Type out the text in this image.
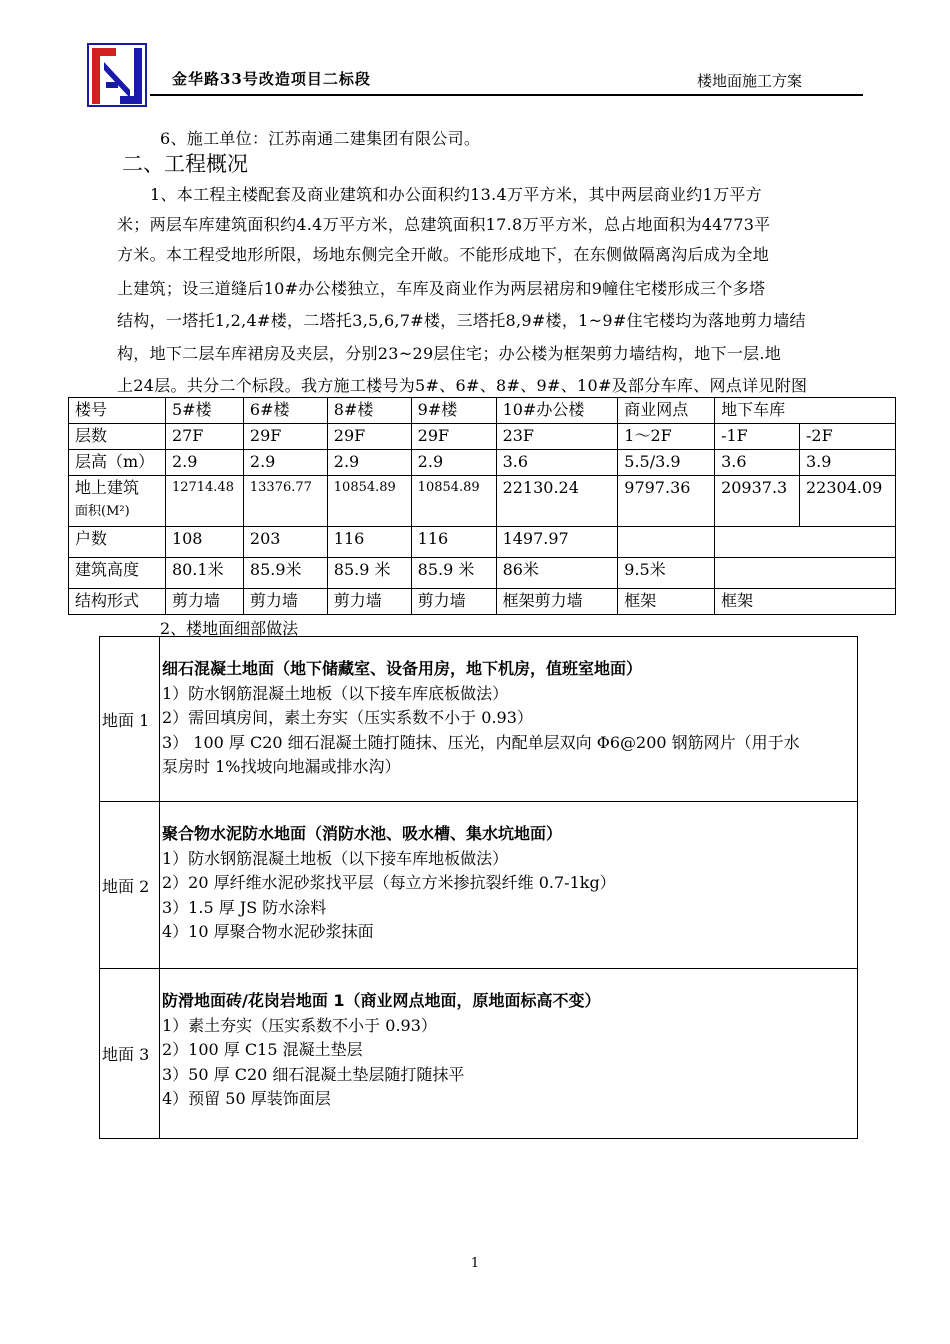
金华路33号改造项目二标段	楼地面施工方案
6、施工单位：江苏南通二建集团有限公司。
二、工程概况
1、本工程主楼配套及商业建筑和办公面积约13.4万平方米，其中两层商业约1万平方
米；两层车库建筑面积约4.4万平方米，总建筑面积17.8万平方米，总占地面积为44773平
方米。本工程受地形所限，场地东侧完全开敞。不能形成地下，在东侧做隔离沟后成为全地
上建筑；设三道缝后10#办公楼独立，车库及商业作为两层裙房和9幢住宅楼形成三个多塔
结构，一塔托1,2,4#楼，二塔托3,5,6,7#楼，三塔托8,9#楼，1~9#住宅楼均为落地剪力墙结
构，地下二层车库裙房及夹层，分别23~29层住宅；办公楼为框架剪力墙结构，地下一层.地
上24层。共分二个标段。我方施工楼号为5#、6#、8#、9#、10#及部分车库、网点详见附图
楼号	5#楼	6#楼	8#楼	9#楼	10#办公楼	商业网点	地下车库	
层数	27F	29F	29F	29F	23F	1～2F	-1F	-2F
层高（m）	2.9	2.9	2.9	2.9	3.6	5.5/3.9	3.6	3.9

地上建筑
面积(M²)	12714.48	13376.77	10854.89	10854.89	22130.24	9797.36	20937.3	22304.09
户数	108	203	116	116	1497.97			
建筑高度	80.1米	85.9米	85.9 米	85.9 米	86米	9.5米		
结构形式	剪力墙	剪力墙	剪力墙	剪力墙	框架剪力墙	框架	框架	
2、楼地面细部做法
地面 1	细石混凝土地面（地下储藏室、设备用房，地下机房，值班室地面）
1）防水钢筋混凝土地板（以下接车库底板做法）
2）需回填房间，素土夯实（压实系数不小于 0.93）
3） 100 厚 C20 细石混凝土随打随抹、压光，内配单层双向 Φ6@200 钢筋网片（用于水
泵房时 1%找坡向地漏或排水沟）

地面 2	聚合物水泥防水地面（消防水池、吸水槽、集水坑地面）
1）防水钢筋混凝土地板（以下接车库地板做法）
2）20 厚纤维水泥砂浆找平层（每立方米掺抗裂纤维 0.7-1kg）
3）1.5 厚 JS 防水涂料
4）10 厚聚合物水泥砂浆抹面

地面 3	防滑地面砖/花岗岩地面 1（商业网点地面，原地面标高不变）
1）素土夯实（压实系数不小于 0.93）
2）100 厚 C15 混凝土垫层
3）50 厚 C20 细石混凝土垫层随打随抹平
4）预留 50 厚装饰面层
1
